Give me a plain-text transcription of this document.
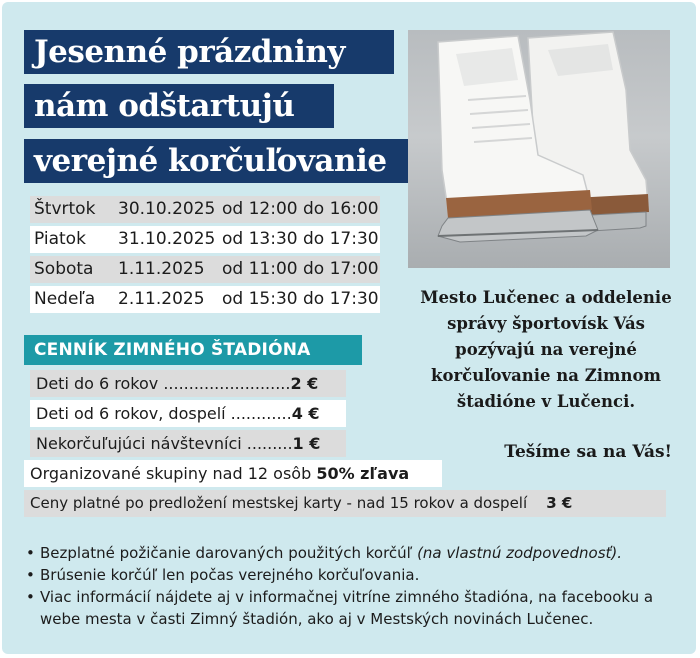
Jesenné prázdniny
nám odštartujú
verejné korčuľovanie
Štvrtok 30.10.2025 od 12:00 do 16:00
Piatok 31.10.2025 od 13:30 do 17:30
Sobota 1.11.2025 od 11:00 do 17:00
Nedeľa 2.11.2025 od 15:30 do 17:30	Mesto Lučenec a oddelenie správy športovísk Vás pozývajú na verejné korčuľovanie na Zimnom štadióne v Lučenci.
Tešíme sa na Vás!
CENNÍK ZIMNÉHO ŠTADIÓNA
Deti do 6 rokov .........................2 €
Deti od 6 rokov, dospelí ............4 €
Nekorčuľujúci návštevníci .........1 €
Organizované skupiny nad 12 osôb 50% zľava
Ceny platné po predložení mestskej karty - nad 15 rokov a dospelí 3 €
• Bezplatné požičanie darovaných použitých korčúľ (na vlastnú zodpovednosť).
• Brúsenie korčúľ len počas verejného korčuľovania.
• Viac informácií nájdete aj v informačnej vitríne zimného štadióna, na facebooku a webe mesta v časti Zimný štadión, ako aj v Mestských novinách Lučenec.
